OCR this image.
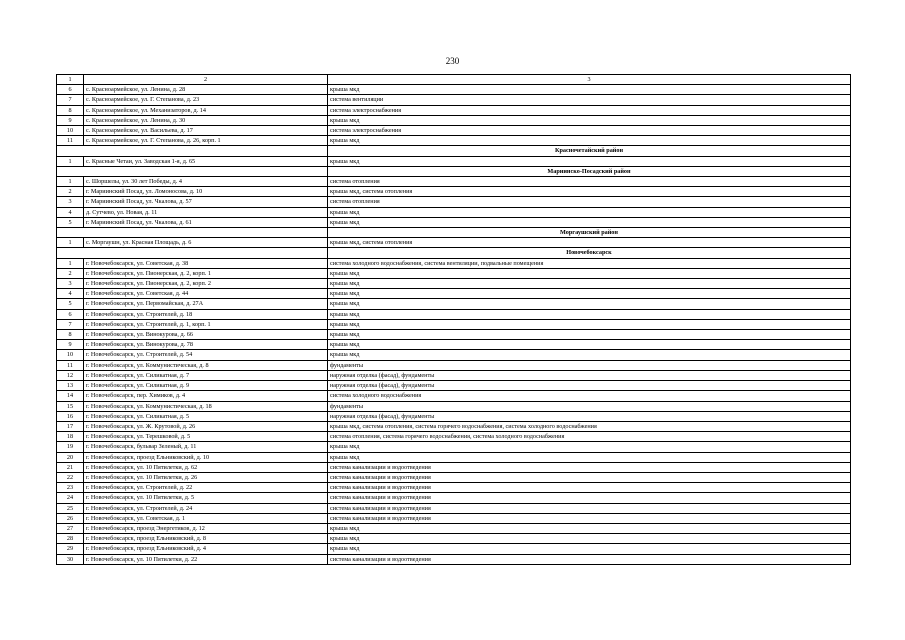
230
1	2	3
6	с. Красноармейское, ул. Ленина, д. 28	крыша мкд
7	с. Красноармейское, ул. Г. Степанова, д. 23	система вентиляции
8	с. Красноармейское, ул. Механизаторов, д. 14	система электроснабжения
9	с. Красноармейское, ул. Ленина, д. 30	крыша мкд
10	с. Красноармейское, ул. Васильева, д. 17	система электроснабжения
11	с. Красноармейское, ул. Г. Степанова, д. 26, корп. 1	крыша мкд
		Красночетайский район
1	с. Красные Четаи, ул. Заводская 1-я, д. 65	крыша мкд
		Мариинско-Посадский район
1	с. Шоршелы, ул. 30 лет Победы, д. 4	система отопления
2	г. Мариинский Посад, ул. Ломоносова, д. 10	крыша мкд, система отопления
3	г. Мариинский Посад, ул. Чкалова, д. 57	система отопления
4	д. Сутчево, ул. Новая, д. 11	крыша мкд
5	г. Мариинский Посад, ул. Чкалова, д. 61	крыша мкд
		Моргаушский район
1	с. Моргаушн, ул. Красная Площадь, д. 6	крыша мкд, система отопления
		Новочебоксарск
1	г. Новочебоксарск, ул. Советская, д. 38	система холодного водоснабжения, система вентиляции, подвальные помещения
2	г. Новочебоксарск, ул. Пионерская, д. 2, корп. 1	крыша мкд
3	г. Новочебоксарск, ул. Пионерская, д. 2, корп. 2	крыша мкд
4	г. Новочебоксарск, ул. Советская, д. 44	крыша мкд
5	г. Новочебоксарск, ул. Первомайская, д. 27А	крыша мкд
6	г. Новочебоксарск, ул. Строителей, д. 18	крыша мкд
7	г. Новочебоксарск, ул. Строителей, д. 1, корп. 1	крыша мкд
8	г. Новочебоксарск, ул. Винокурова, д. 66	крыша мкд
9	г. Новочебоксарск, ул. Винокурова, д. 78	крыша мкд
10	г. Новочебоксарск, ул. Строителей, д. 54	крыша мкд
11	г. Новочебоксарск, ул. Коммунистическая, д. 8	фундаменты
12	г. Новочебоксарск, ул. Силикатная, д. 7	наружная отделка (фасад), фундаменты
13	г. Новочебоксарск, ул. Силикатная, д. 9	наружная отделка (фасад), фундаменты
14	г. Новочебоксарск, пер. Химиков, д. 4	система холодного водоснабжения
15	г. Новочебоксарск, ул. Коммунистическая, д. 18	фундаменты
16	г. Новочебоксарск, ул. Силикатная, д. 5	наружная отделка (фасад), фундаменты
17	г. Новочебоксарск, ул. Ж. Крутовой, д. 26	крыша мкд, система отопления, система горячего водоснабжения, система холодного водоснабжения
18	г. Новочебоксарск, ул. Терешковой, д. 5	система отопления, система горячего водоснабжения, система холодного водоснабжения
19	г. Новочебоксарск, бульвар Зеленый, д. 11	крыша мкд
20	г. Новочебоксарск, проезд Ельниковский, д. 10	крыша мкд
21	г. Новочебоксарск, ул. 10 Пятилетки, д. 62	система канализации и водоотведения
22	г. Новочебоксарск, ул. 10 Пятилетки, д. 26	система канализации и водоотведения
23	г. Новочебоксарск, ул. Строителей, д. 22	система канализации и водоотведения
24	г. Новочебоксарск, ул. 10 Пятилетки, д. 5	система канализации и водоотведения
25	г. Новочебоксарск, ул. Строителей, д. 24	система канализации и водоотведения
26	г. Новочебоксарск, ул. Советская, д. 1	система канализации и водоотведения
27	г. Новочебоксарск, проезд Энергетиков, д. 12	крыша мкд
28	г. Новочебоксарск, проезд Ельниковский, д. 8	крыша мкд
29	г. Новочебоксарск, проезд Ельниковский, д. 4	крыша мкд
30	г. Новочебоксарск, ул. 10 Пятилетки, д. 22	система канализации и водоотведения
